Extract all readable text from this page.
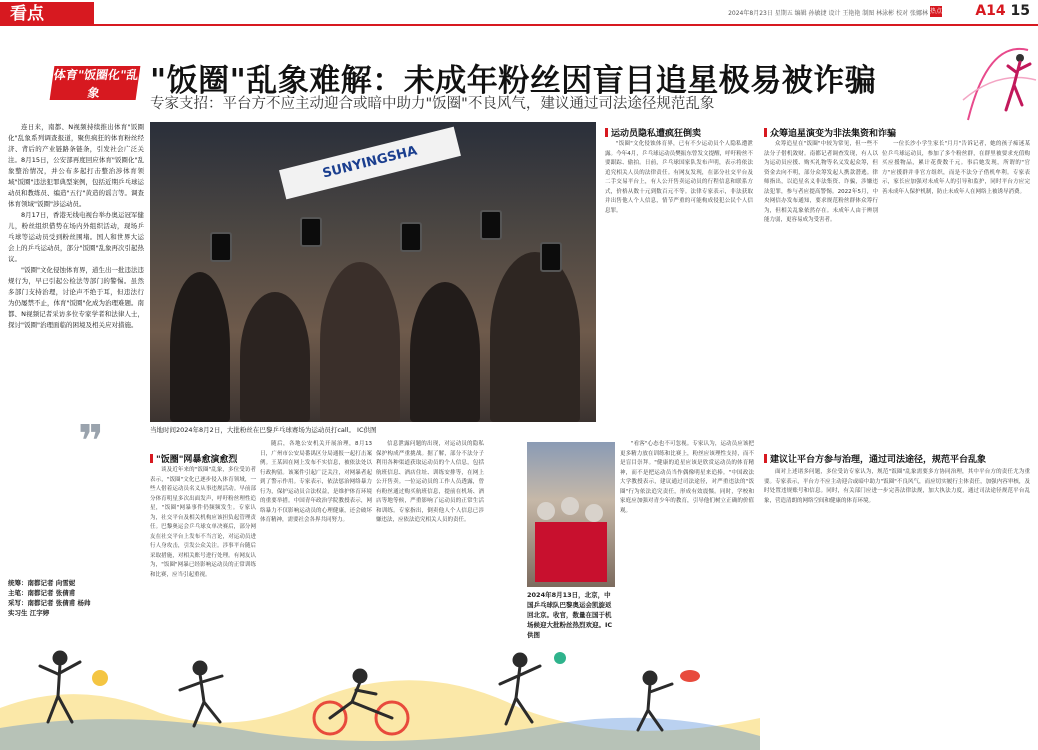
看点	2024年8月23日 星期五 编辑 孙敏捷 设计 王艳艳 制图 林泳彬 校对 张娜林 热点 A14 15
体育"饭圈化"乱象
系列调查报道之
"饭圈"乱象难解：未成年粉丝因盲目追星极易被诈骗
专家支招：平台方不应主动迎合或暗中助力"饭圈"不良风气，建议通过司法途径规范乱象

连日来，南都、N视频持续推出体育"饭圈化"乱象系列调查报道，聚焦疯狂的体育粉丝经济、背后的产业链路条链条，引发社会广泛关注。8月15日，公安部再度回应体育"饭圈化"乱象整治情况，并公布多起打击整治涉体育领域"饭圈"违法犯罪典型案例，包括近期乒乓球运动员和教练员、编造"五行"黄造的谣言等。调查体育领域"饭圈"涉运动员。

8月17日，香港无线电视台举办奥运冠军健儿，粉丝组织借势在场内外组织活动，现场乒乓球等运动员受到粉丝围堵。国人和世界大运会上的乒乓运动员，部分"饭圈"乱象再次引起热议。

"饭圈"文化侵蚀体育界，道生出一批违法违规行为，早已引起公检法等部门的警惕。虽然多部门支持治理，讨论声不绝于耳，但违法行为仍屡禁不止，体育"饭圈"化成为治理难题。南都、N视频记者采访多位专家学者和法律人士，探讨"饭圈"治理面临的困境及相关应对措施。

❞
统筹：南都记者 向雪妮
主笔：南都记者 张倩甫
采写：南都记者 张倩甫 杨帅
实习生 江字婷
SUNYINGSHA
当地时间2024年8月2日，大批粉丝在巴黎乒乓球赛场为运动员打call。 IC供图
"饭圈"网暴愈演愈烈

谈及近年来的"饭圈"乱象，多位受访者表示，"饭圈"文化已逐步侵入体育领域，一些人借着运动员名义从事违规活动。早前部分体育明星多次出面发声，呼吁粉丝理性追星，"饭圈"网暴事件仍频频发生。专家认为，社交平台及相关机构应该担负起管理责任。巴黎奥运会乒乓球女单决赛后，部分网友在社交平台上发布不当言论，对运动员进行人身攻击，引发公众关注。涉事平台随后采取措施，对相关账号进行处理。有网友认为，"饭圈"网暴已经影响运动员的正常训练和比赛，应当引起重视。

随后，各地公安机关开展治理，8月13日，广州市公安局番禺区分局通报一起打击案例。王某因在网上发布不实信息，被依法处以行政拘留。该案件引起广泛关注，对网暴者起到了警示作用。专家表示，依法惩治网络暴力行为，保护运动员合法权益，是维护体育环境的重要举措。中国青年政治学院教授表示，网络暴力不仅影响运动员的心理健康，还会破坏体育精神，需要社会各界共同努力。

信息泄露问题的出现，对运动员的隐私保护构成严重挑战。据了解，部分不法分子利用各种渠道获取运动员的个人信息，包括航班信息、酒店住址、训练安排等，在网上公开售卖。一位运动员的工作人员透露，曾有粉丝通过购买航班信息，提前在机场、酒店等地等候，严重影响了运动员的正常生活和训练。专家指出，倒卖他人个人信息已涉嫌违法，应依法追究相关人员的责任。

运动员隐私遭疯狂倒卖

"饭圈"文化侵蚀体育界，已有不少运动员个人隐私遭泄露。今年4月，乒乓球运动员樊振东曾发文提醒，呼吁粉丝不要跟踪、偷拍。日前，乒乓球国家队发布声明，表示将依法追究相关人员的法律责任。有网友发现，在部分社交平台及二手交易平台上，有人公开售卖运动员的行程信息和联系方式，价格从数十元到数百元不等。法律专家表示，非法获取并出售他人个人信息，情节严重的可能构成侵犯公民个人信息罪。

2024年8月13日，北京，中国乒乓球队巴黎奥运会凯旋返回北京。收官，数量在国于机场候迎大批粉丝热烈欢迎。IC供图

"看客"心态也不可忽视。专家认为，运动员应该把更多精力放在训练和比赛上，粉丝应该理性支持，而不是盲目崇拜。"健康的追星应该是欣赏运动员的体育精神，而不是把运动员当作偶像明星来追捧。"中国政法大学教授表示，建议通过司法途径，对严重违法的"饭圈"行为依法追究责任，形成有效震慑。同时，学校和家庭应加强对青少年的教育，引导他们树立正确的价值观。

众筹追星演变为非法集资和诈骗

众筹追星在"饭圈"中较为常见，但一些不法分子借机敛财。南都记者调查发现，有人以为运动员应援、购买礼物等名义发起众筹，但资金去向不明，部分众筹发起人携款潜逃。律师指出，以追星名义非法集资、诈骗，涉嫌违法犯罪，参与者应提高警惕。2022年5月，中央网信办发布通知，要求规范粉丝群体众筹行为，但相关乱象依然存在。未成年人由于辨别能力弱，更容易成为受害者。

一位长沙小学生家长"月月"告诉记者，她的孩子痴迷某位乒乓球运动员，参加了多个粉丝群，在群里被要求充值购买应援物品，累计花费数千元。事后她发现，所谓的"官方"应援群并非官方组织，而是不法分子借机牟利。专家表示，家长应加强对未成年人的引导和监护，同时平台方应完善未成年人保护机制，防止未成年人在网络上被诱导消费。

建议让平台方参与治理，通过司法途径，规范平台乱象

面对上述诸多问题，多位受访专家认为，规范"饭圈"乱象需要多方协同治理，其中平台方的责任尤为重要。专家表示，平台方不应主动迎合或暗中助力"饭圈"不良风气，而应切实履行主体责任，加强内容审核，及时处置违规账号和信息。同时，有关部门应进一步完善法律法规，加大执法力度，通过司法途径规范平台乱象，营造清朗的网络空间和健康的体育环境。
